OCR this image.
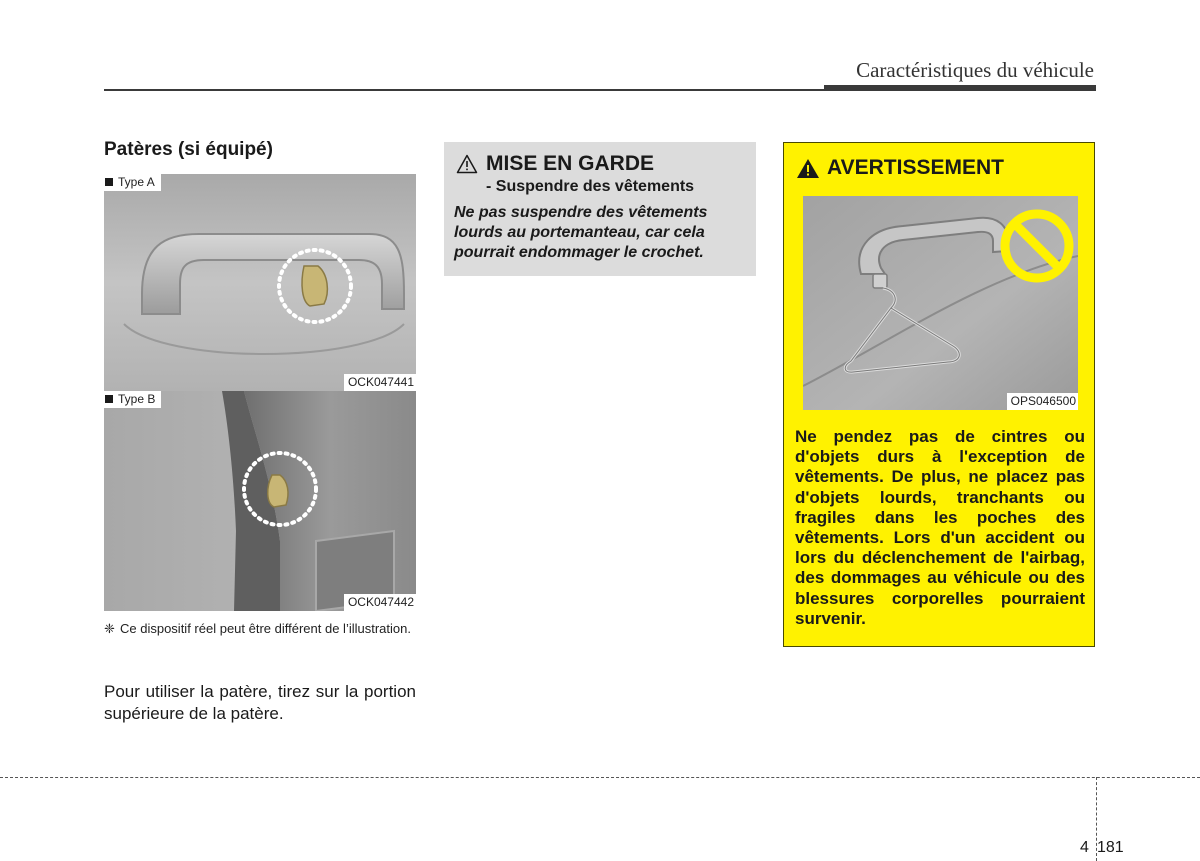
Caractéristiques du véhicule
Patères (si équipé)
Type A
OCK047441
Type B
OCK047442
❈ Ce dispositif réel peut être différent de l’illustration.
Pour utiliser la patère, tirez sur la portion supérieure de la patère.
MISE EN GARDE
- Suspendre des vêtements
Ne pas suspendre des vêtements lourds au portemanteau, car cela pourrait endommager le crochet.
AVERTISSEMENT
OPS046500
Ne pendez pas de cintres ou d'objets durs à l'exception de vêtements. De plus, ne placez pas d'objets lourds, tranchants ou fragiles dans les poches des vêtements. Lors d'un accident ou lors du déclenchement de l'airbag, des dommages au véhicule ou des blessures corporelles pourraient survenir.
4 181
